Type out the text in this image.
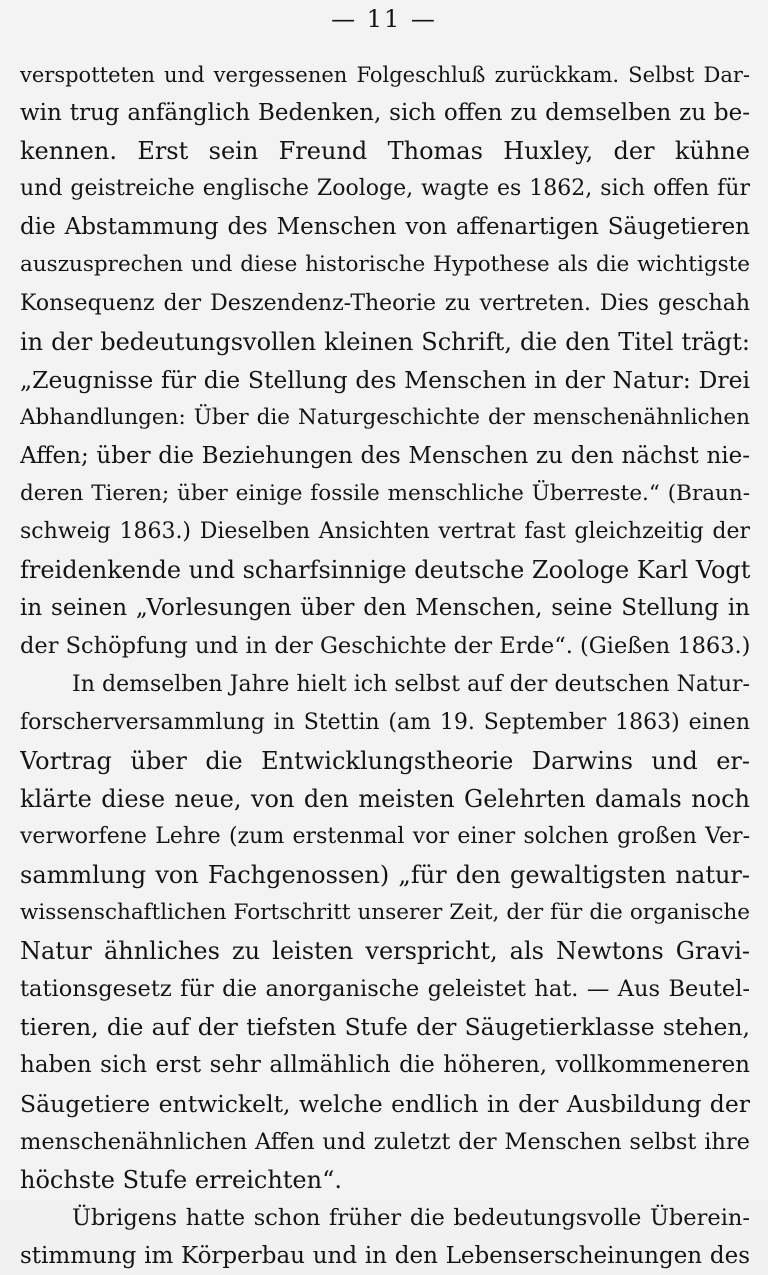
— 11 —
verspotteten und vergessenen Folgeschluß zurückkam. Selbst Dar-
win trug anfänglich Bedenken, sich offen zu demselben zu be-
kennen. Erst sein Freund Thomas Huxley, der kühne
und geistreiche englische Zoologe, wagte es 1862, sich offen für
die Abstammung des Menschen von affenartigen Säugetieren
auszusprechen und diese historische Hypothese als die wichtigste
Konsequenz der Deszendenz-Theorie zu vertreten. Dies geschah
in der bedeutungsvollen kleinen Schrift, die den Titel trägt:
„Zeugnisse für die Stellung des Menschen in der Natur: Drei
Abhandlungen: Über die Naturgeschichte der menschenähnlichen
Affen; über die Beziehungen des Menschen zu den nächst nie-
deren Tieren; über einige fossile menschliche Überreste.“ (Braun-
schweig 1863.) Dieselben Ansichten vertrat fast gleichzeitig der
freidenkende und scharfsinnige deutsche Zoologe Karl Vogt
in seinen „Vorlesungen über den Menschen, seine Stellung in
der Schöpfung und in der Geschichte der Erde“. (Gießen 1863.)
In demselben Jahre hielt ich selbst auf der deutschen Natur-
forscherversammlung in Stettin (am 19. September 1863) einen
Vortrag über die Entwicklungstheorie Darwins und er-
klärte diese neue, von den meisten Gelehrten damals noch
verworfene Lehre (zum erstenmal vor einer solchen großen Ver-
sammlung von Fachgenossen) „für den gewaltigsten natur-
wissenschaftlichen Fortschritt unserer Zeit, der für die organische
Natur ähnliches zu leisten verspricht, als Newtons Gravi-
tationsgesetz für die anorganische geleistet hat. — Aus Beutel-
tieren, die auf der tiefsten Stufe der Säugetierklasse stehen,
haben sich erst sehr allmählich die höheren, vollkommeneren
Säugetiere entwickelt, welche endlich in der Ausbildung der
menschenähnlichen Affen und zuletzt der Menschen selbst ihre
höchste Stufe erreichten“.
Übrigens hatte schon früher die bedeutungsvolle Überein-
stimmung im Körperbau und in den Lebenserscheinungen des
